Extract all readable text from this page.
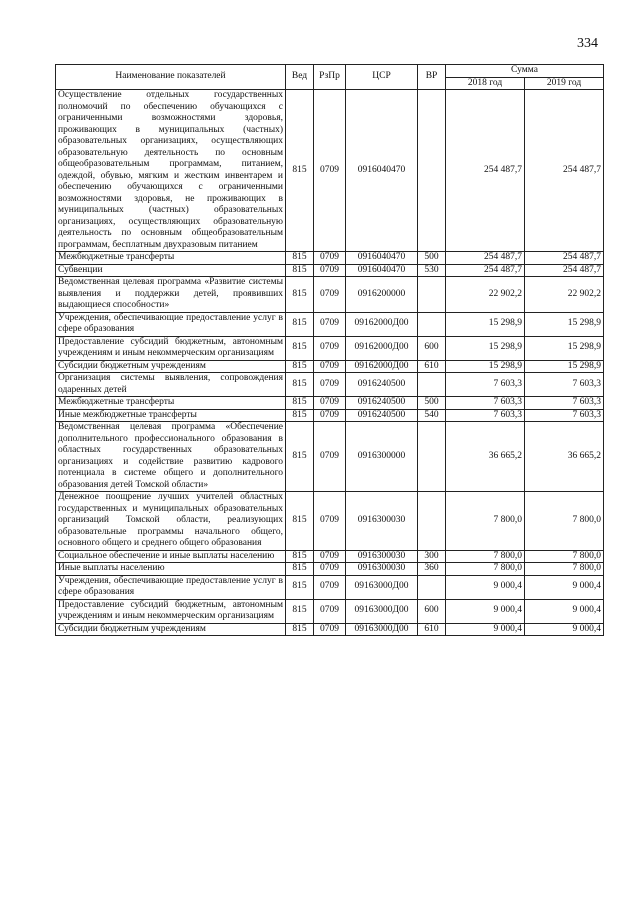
334
Наименование показателей	Вед	РзПр	ЦСР	ВР	Сумма	
					2018 год	2019 год
Осуществление отдельных государственных полномочий по обеспечению обучающихся с ограниченными возможностями здоровья, проживающих в муниципальных (частных) образовательных организациях, осуществляющих образовательную деятельность по основным общеобразовательным программам, питанием, одеждой, обувью, мягким и жестким инвентарем и обеспечению обучающихся с ограниченными возможностями здоровья, не проживающих в муниципальных (частных) образовательных организациях, осуществляющих образовательную деятельность по основным общеобразовательным программам, бесплатным двухразовым питанием	815	0709	0916040470		254 487,7	254 487,7
Межбюджетные трансферты	815	0709	0916040470	500	254 487,7	254 487,7
Субвенции	815	0709	0916040470	530	254 487,7	254 487,7
Ведомственная целевая программа «Развитие системы выявления и поддержки детей, проявивших выдающиеся способности»	815	0709	0916200000		22 902,2	22 902,2
Учреждения, обеспечивающие предоставление услуг в сфере образования	815	0709	09162000Д00		15 298,9	15 298,9
Предоставление субсидий бюджетным, автономным учреждениям и иным некоммерческим организациям	815	0709	09162000Д00	600	15 298,9	15 298,9
Субсидии бюджетным учреждениям	815	0709	09162000Д00	610	15 298,9	15 298,9
Организация системы выявления, сопровождения одаренных детей	815	0709	0916240500		7 603,3	7 603,3
Межбюджетные трансферты	815	0709	0916240500	500	7 603,3	7 603,3
Иные межбюджетные трансферты	815	0709	0916240500	540	7 603,3	7 603,3
Ведомственная целевая программа «Обеспечение дополнительного профессионального образования в областных государственных образовательных организациях и содействие развитию кадрового потенциала в системе общего и дополнительного образования детей Томской области»	815	0709	0916300000		36 665,2	36 665,2
Денежное поощрение лучших учителей областных государственных и муниципальных образовательных организаций Томской области, реализующих образовательные программы начального общего, основного общего и среднего общего образования	815	0709	0916300030		7 800,0	7 800,0
Социальное обеспечение и иные выплаты населению	815	0709	0916300030	300	7 800,0	7 800,0
Иные выплаты населению	815	0709	0916300030	360	7 800,0	7 800,0
Учреждения, обеспечивающие предоставление услуг в сфере образования	815	0709	09163000Д00		9 000,4	9 000,4
Предоставление субсидий бюджетным, автономным учреждениям и иным некоммерческим организациям	815	0709	09163000Д00	600	9 000,4	9 000,4
Субсидии бюджетным учреждениям	815	0709	09163000Д00	610	9 000,4	9 000,4
